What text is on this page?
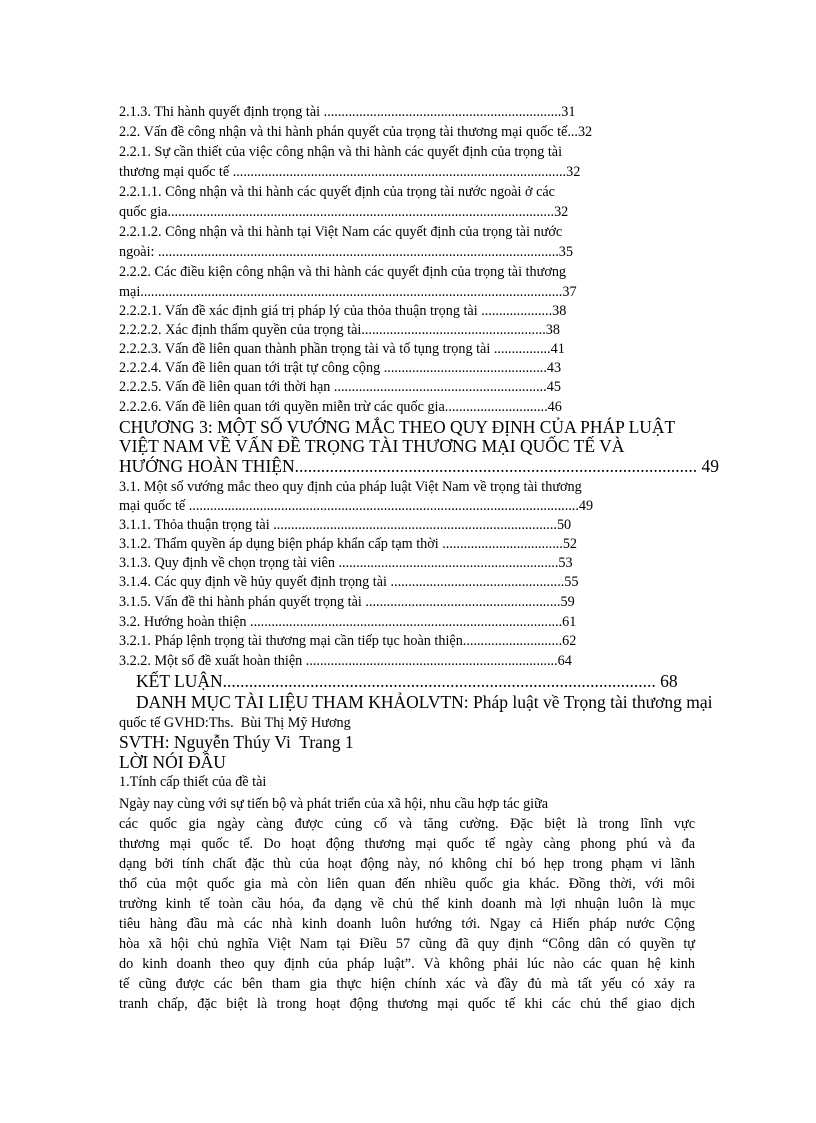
2.1.3. Thi hành quyết định trọng tài ...................................................................31
2.2. Vấn đề công nhận và thi hành phán quyết của trọng tài thương mại quốc tế...32
2.2.1. Sự cần thiết của việc công nhận và thi hành các quyết định của trọng tài
thương mại quốc tế ..............................................................................................32
2.2.1.1. Công nhận và thi hành các quyết định của trọng tài nước ngoài ở các
quốc gia.............................................................................................................32
2.2.1.2. Công nhận và thi hành tại Việt Nam các quyết định của trọng tài nước
ngoài: .................................................................................................................35
2.2.2. Các điều kiện công nhận và thi hành các quyết định của trọng tài thương
mại.......................................................................................................................37
2.2.2.1. Vấn đề xác định giá trị pháp lý của thỏa thuận trọng tài ....................38
2.2.2.2. Xác định thẩm quyền của trọng tài....................................................38
2.2.2.3. Vấn đề liên quan thành phần trọng tài và tố tụng trọng tài ................41
2.2.2.4. Vấn đề liên quan tới trật tự công cộng ..............................................43
2.2.2.5. Vấn đề liên quan tới thời hạn ............................................................45
2.2.2.6. Vấn đề liên quan tới quyền miễn trừ các quốc gia.............................46
CHƯƠNG 3: MỘT SỐ VƯỚNG MẮC THEO QUY ĐỊNH CỦA PHÁP LUẬT
VIỆT NAM VỀ VẤN ĐỀ TRỌNG TÀI THƯƠNG MẠI QUỐC TẾ VÀ
HƯỚNG HOÀN THIỆN............................................................................................ 49
3.1. Một số vướng mắc theo quy định của pháp luật Việt Nam về trọng tài thương
mại quốc tế ..............................................................................................................49
3.1.1. Thỏa thuận trọng tài ................................................................................50
3.1.2. Thẩm quyền áp dụng biện pháp khẩn cấp tạm thời ..................................52
3.1.3. Quy định về chọn trọng tài viên ..............................................................53
3.1.4. Các quy định về hủy quyết định trọng tài .................................................55
3.1.5. Vấn đề thi hành phán quyết trọng tài .......................................................59
3.2. Hướng hoàn thiện ........................................................................................61
3.2.1. Pháp lệnh trọng tài thương mại cần tiếp tục hoàn thiện............................62
3.2.2. Một số đề xuất hoàn thiện .......................................................................64
KẾT LUẬN................................................................................................... 68
DANH MỤC TÀI LIỆU THAM KHẢOLVTN: Pháp luật về Trọng tài thương mại
quốc tế GVHD:Ths.  Bùi Thị Mỹ Hương
SVTH: Nguyễn Thúy Vi  Trang 1
LỜI NÓI ĐẦU
1.Tính cấp thiết của đề tài
Ngày nay cùng với sự tiến bộ và phát triển của xã hội, nhu cầu hợp tác giữa
các quốc gia ngày càng được củng cố và tăng cường. Đặc biệt là trong lĩnh vực
thương mại quốc tế. Do hoạt động thương mại quốc tế ngày càng phong phú và đa
dạng bởi tính chất đặc thù của hoạt động này, nó không chỉ bó hẹp trong phạm vi lãnh
thổ của một quốc gia mà còn liên quan đến nhiều quốc gia khác. Đồng thời, với môi
trường kinh tế toàn cầu hóa, đa dạng về chủ thể kinh doanh mà lợi nhuận luôn là mục
tiêu hàng đầu mà các nhà kinh doanh luôn hướng tới. Ngay cả Hiến pháp nước Cộng
hòa xã hội chủ nghĩa Việt Nam tại Điều 57 cũng đã quy định “Công dân có quyền tự
do kinh doanh theo quy định của pháp luật”. Và không phải lúc nào các quan hệ kinh
tế cũng được các bên tham gia thực hiện chính xác và đầy đủ mà tất yếu có xảy ra
tranh chấp, đặc biệt là trong hoạt động thương mại quốc tế khi các chủ thể giao dịch
